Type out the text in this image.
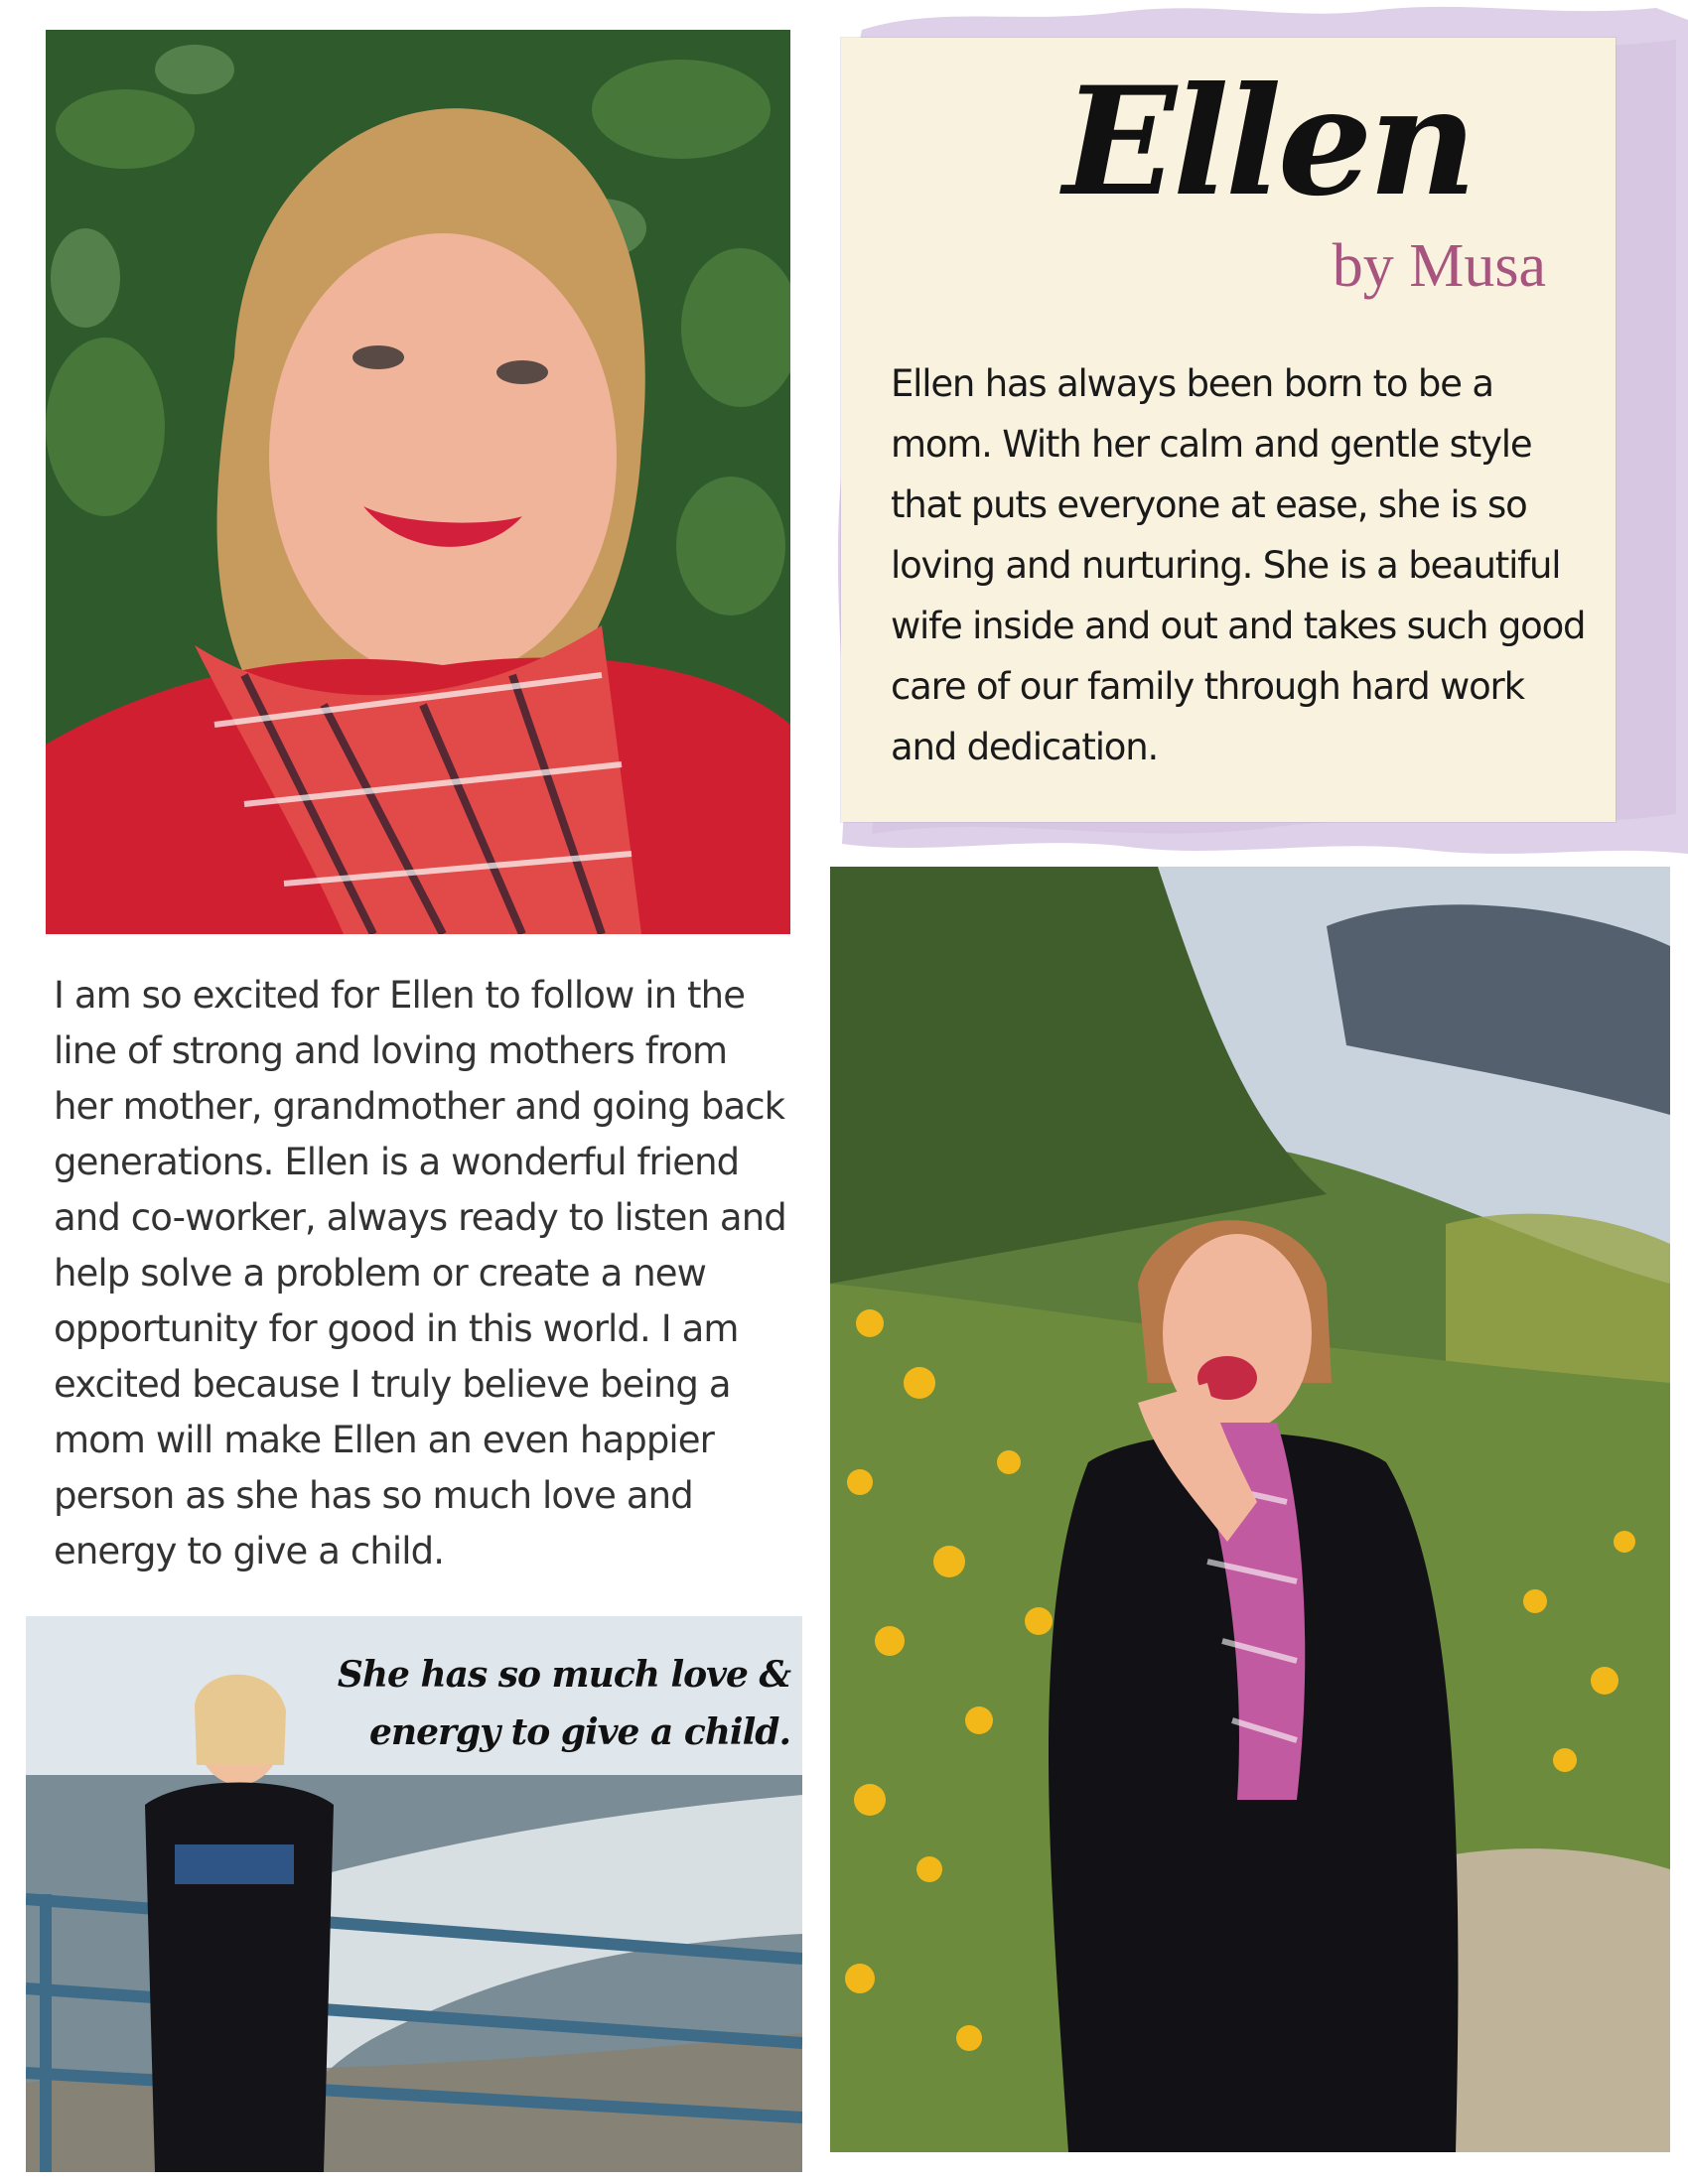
Ellen
by Musa

Ellen has always been born to be a mom. With her calm and gentle style that puts everyone at ease, she is so loving and nurturing. She is a beautiful wife inside and out and takes such good care of our family through hard work and dedication.

I am so excited for Ellen to follow in the line of strong and loving mothers from her mother, grandmother and going back generations. Ellen is a wonderful friend and co-worker, always ready to listen and help solve a problem or create a new opportunity for good in this world. I am excited because I truly believe being a mom will make Ellen an even happier person as she has so much love and energy to give a child.

She has so much love & energy to give a child.
